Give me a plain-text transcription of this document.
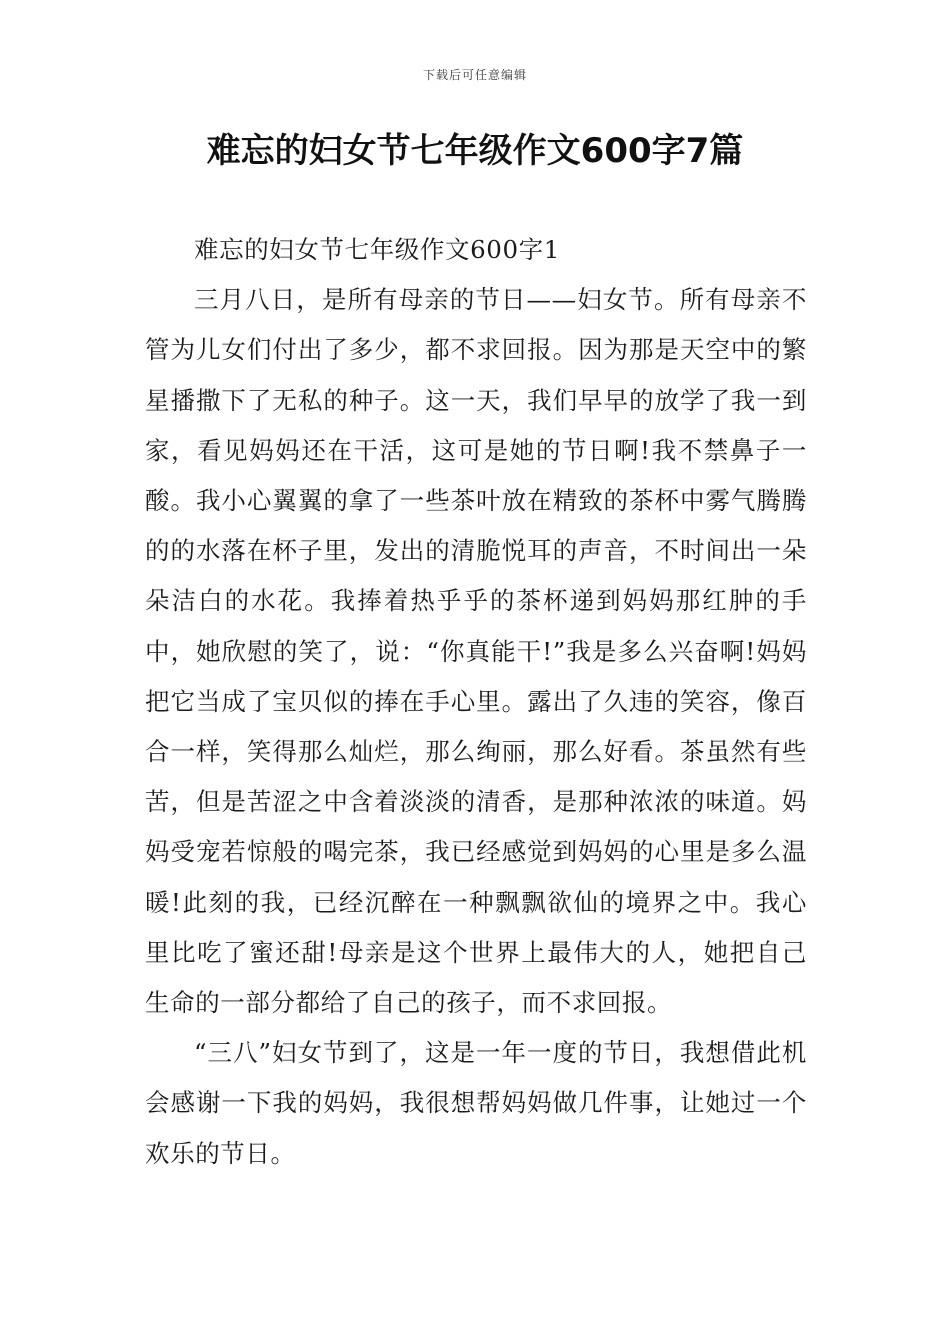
下载后可任意编辑
难忘的妇女节七年级作文600字7篇

难忘的妇女节七年级作文600字1

三月八日，是所有母亲的节日——妇女节。所有母亲不管为儿女们付出了多少，都不求回报。因为那是天空中的繁星播撒下了无私的种子。这一天，我们早早的放学了我一到家，看见妈妈还在干活，这可是她的节日啊!我不禁鼻子一酸。我小心翼翼的拿了一些茶叶放在精致的茶杯中雾气腾腾的的水落在杯子里，发出的清脆悦耳的声音，不时间出一朵朵洁白的水花。我捧着热乎乎的茶杯递到妈妈那红肿的手中，她欣慰的笑了，说：“你真能干!”我是多么兴奋啊!妈妈把它当成了宝贝似的捧在手心里。露出了久违的笑容，像百合一样，笑得那么灿烂，那么绚丽，那么好看。茶虽然有些苦，但是苦涩之中含着淡淡的清香，是那种浓浓的味道。妈妈受宠若惊般的喝完茶，我已经感觉到妈妈的心里是多么温暖!此刻的我，已经沉醉在一种飘飘欲仙的境界之中。我心里比吃了蜜还甜!母亲是这个世界上最伟大的人，她把自己生命的一部分都给了自己的孩子，而不求回报。

“三八”妇女节到了，这是一年一度的节日，我想借此机会感谢一下我的妈妈，我很想帮妈妈做几件事，让她过一个欢乐的节日。
